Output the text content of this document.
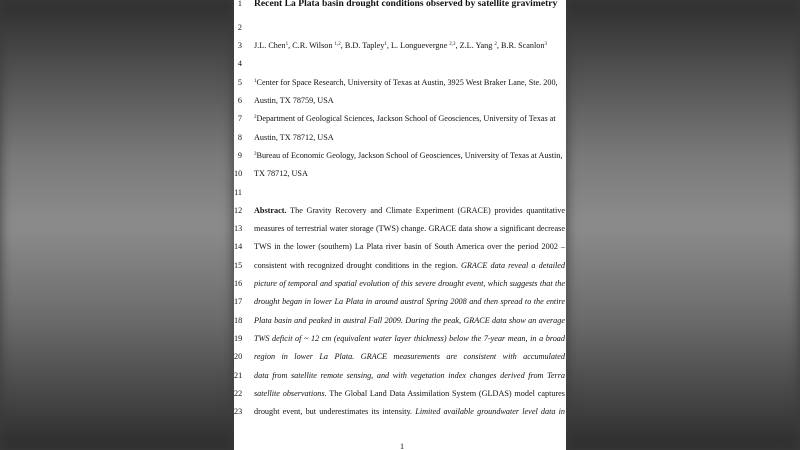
1 Recent La Plata basin drought conditions observed by satellite gravimetry
2
3 J.L. Chen$^1$, C.R. Wilson $^{1,2}$, B.D. Tapley$^1$, L. Longuevergne $^{2,3}$, Z.L. Yang $^2$, B.R. Scanlon$^3$
4
5 $^1$Center for Space Research, University of Texas at Austin, 3925 West Braker Lane, Ste. 200,
6 Austin, TX 78759, USA
7 $^2$Department of Geological Sciences, Jackson School of Geosciences, University of Texas at
8 Austin, TX 78712, USA
9 $^3$Bureau of Economic Geology, Jackson School of Geosciences, University of Texas at Austin,
10 TX 78712, USA
11
12 Abstract. The Gravity Recovery and Climate Experiment (GRACE) provides quantitative
13 measures of terrestrial water storage (TWS) change. GRACE data show a significant decrease
14 TWS in the lower (southern) La Plata river basin of South America over the period 2002 –
15 consistent with recognized drought conditions in the region. GRACE data reveal a detailed
16 picture of temporal and spatial evolution of this severe drought event, which suggests that the
17 drought began in lower La Plata in around austral Spring 2008 and then spread to the entire
18 Plata basin and peaked in austral Fall 2009. During the peak, GRACE data show an average
19 TWS deficit of ~ 12 cm (equivalent water layer thickness) below the 7-year mean, in a broad
20 region in lower La Plata. GRACE measurements are consistent with accumulated
21 data from satellite remote sensing, and with vegetation index changes derived from Terra
22 satellite observations. The Global Land Data Assimilation System (GLDAS) model captures
23 drought event, but underestimates its intensity. Limited available groundwater level data in
1
